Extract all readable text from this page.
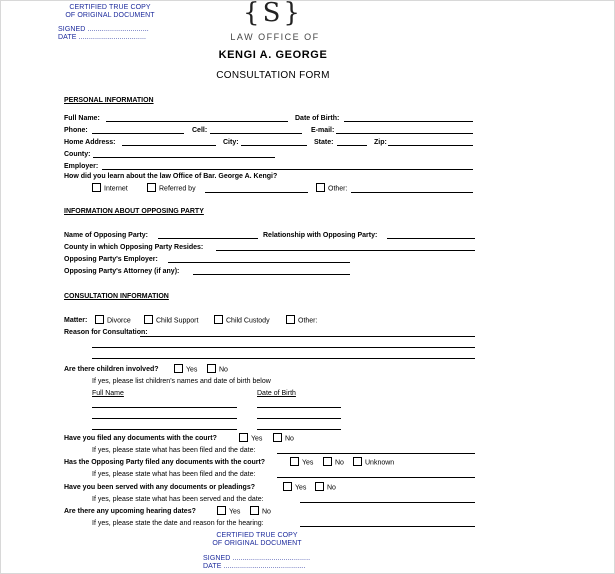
CERTIFIED TRUE COPY
OF ORIGINAL DOCUMENT
SIGNED ..............................
DATE .................................
{S}
LAW OFFICE OF
KENGI A. GEORGE
CONSULTATION FORM
PERSONAL INFORMATION
Full Name:	Date of Birth:
Phone:	Cell:	E-mail:
Home Address:	City:	State:	Zip:
County:
Employer:
How did you learn about the law Office of Bar. George A. Kengi?
Internet	Referred by	Other:
INFORMATION ABOUT OPPOSING PARTY
Name of Opposing Party:	Relationship with Opposing Party:
County in which Opposing Party Resides:
Opposing Party's Employer:
Opposing Party's Attorney (if any):
CONSULTATION INFORMATION
Matter:	Divorce	Child Support	Child Custody	Other:
Reason for Consultation:
Are there children involved?	Yes	No
If yes, please list children's names and date of birth below
Full Name	Date of Birth
Have you filed any documents with the court?	Yes	No
If yes, please state what has been filed and the date:
Has the Opposing Party filed any documents with the court?	Yes	No	Unknown
If yes, please state what has been filed and the date:
Have you been served with any documents or pleadings?	Yes	No
If yes, please state what has been served and the date:
Are there any upcoming hearing dates?	Yes	No
If yes, please state the date and reason for the hearing:
CERTIFIED TRUE COPY
OF ORIGINAL DOCUMENT
SIGNED ......................................
DATE ........................................
